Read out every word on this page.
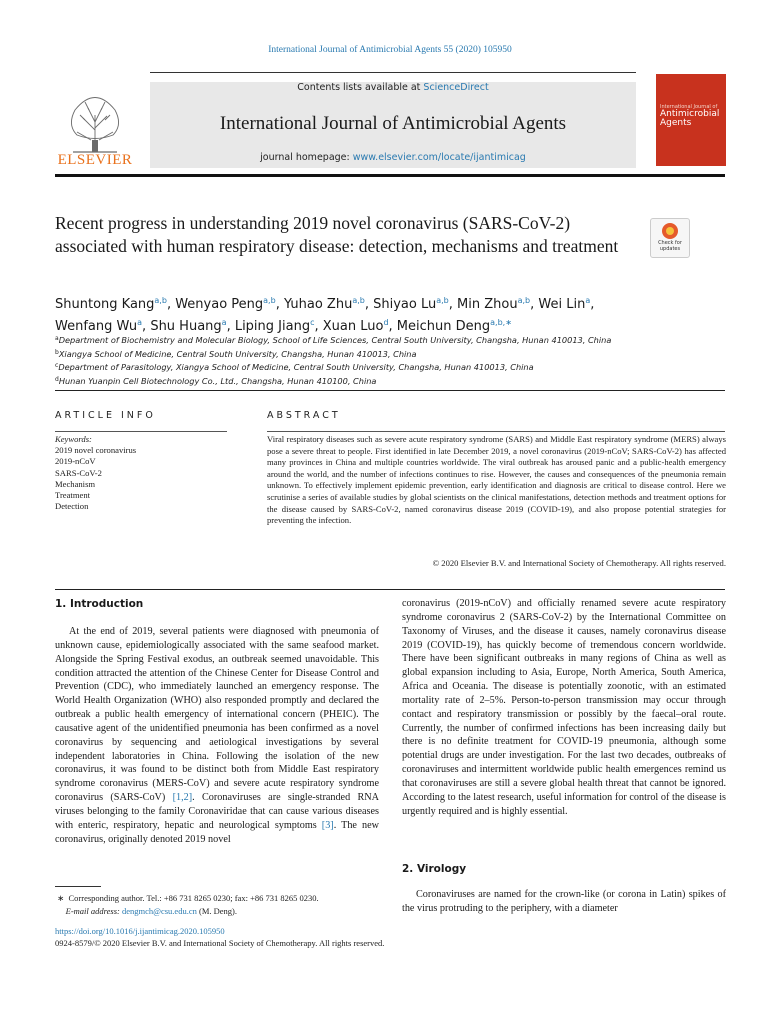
International Journal of Antimicrobial Agents 55 (2020) 105950
ELSEVIER
Contents lists available at ScienceDirect
International Journal of Antimicrobial Agents
journal homepage: www.elsevier.com/locate/ijantimicag
International Journal of
Antimicrobial Agents
Recent progress in understanding 2019 novel coronavirus (SARS-CoV-2) associated with human respiratory disease: detection, mechanisms and treatment	Check for updates
Shuntong Kang$^{a,b}$, Wenyao Peng$^{a,b}$, Yuhao Zhu$^{a,b}$, Shiyao Lu$^{a,b}$, Min Zhou$^{a,b}$, Wei Lin$^a$,
Wenfang Wu$^a$, Shu Huang$^a$, Liping Jiang$^c$, Xuan Luo$^d$, Meichun Deng$^{a,b,∗}$
$^a$Department of Biochemistry and Molecular Biology, School of Life Sciences, Central South University, Changsha, Hunan 410013, China
$^b$Xiangya School of Medicine, Central South University, Changsha, Hunan 410013, China
$^c$Department of Parasitology, Xiangya School of Medicine, Central South University, Changsha, Hunan 410013, China
$^d$Hunan Yuanpin Cell Biotechnology Co., Ltd., Changsha, Hunan 410100, China
ARTICLE INFO	ABSTRACT
Keywords:
2019 novel coronavirus
2019-nCoV
SARS-CoV-2
Mechanism
Treatment
Detection
Viral respiratory diseases such as severe acute respiratory syndrome (SARS) and Middle East respiratory syndrome (MERS) always pose a severe threat to people. First identified in late December 2019, a novel coronavirus (2019-nCoV; SARS-CoV-2) has affected many provinces in China and multiple countries worldwide. The viral outbreak has aroused panic and a public-health emergency around the world, and the number of infections continues to rise. However, the causes and consequences of the pneumonia remain unknown. To effectively implement epidemic prevention, early identification and diagnosis are critical to disease control. Here we scrutinise a series of available studies by global scientists on the clinical manifestations, detection methods and treatment options for the disease caused by SARS-CoV-2, named coronavirus disease 2019 (COVID-19), and also propose potential strategies for preventing the infection.
© 2020 Elsevier B.V. and International Society of Chemotherapy. All rights reserved.
1. Introduction
At the end of 2019, several patients were diagnosed with pneumonia of unknown cause, epidemiologically associated with the same seafood market. Alongside the Spring Festival exodus, an outbreak seemed unavoidable. This condition attracted the attention of the Chinese Center for Disease Control and Prevention (CDC), who immediately launched an emergency response. The World Health Organization (WHO) also responded promptly and declared the outbreak a public health emergency of international concern (PHEIC). The causative agent of the unidentified pneumonia has been confirmed as a novel coronavirus by sequencing and aetiological investigations by several independent laboratories in China. Following the isolation of the new coronavirus, it was found to be distinct both from Middle East respiratory syndrome coronavirus (MERS-CoV) and severe acute respiratory syndrome coronavirus (SARS-CoV) [1,2]. Coronaviruses are single-stranded RNA viruses belonging to the family Coronaviridae that can cause various diseases with enteric, respiratory, hepatic and neurological symptoms [3]. The new coronavirus, originally denoted 2019 novel
coronavirus (2019-nCoV) and officially renamed severe acute respiratory syndrome coronavirus 2 (SARS-CoV-2) by the International Committee on Taxonomy of Viruses, and the disease it causes, namely coronavirus disease 2019 (COVID-19), has quickly become of tremendous concern worldwide. There have been significant outbreaks in many regions of China as well as global expansion including to Asia, Europe, North America, South America, Africa and Oceania. The disease is potentially zoonotic, with an estimated mortality rate of 2–5%. Person-to-person transmission may occur through contact and respiratory transmission or possibly by the faecal–oral route. Currently, the number of confirmed infections has been increasing daily but there is no definite treatment for COVID-19 pneumonia, although some potential drugs are under investigation. For the last two decades, outbreaks of coronaviruses and intermittent worldwide public health emergences remind us that coronaviruses are still a severe global health threat that cannot be ignored. According to the latest research, useful information for control of the disease is urgently required and is highly essential.
2. Virology
Coronaviruses are named for the crown-like (or corona in Latin) spikes of the virus protruding to the periphery, with a diameter
∗ Corresponding author. Tel.: +86 731 8265 0230; fax: +86 731 8265 0230.
E-mail address: dengmch@csu.edu.cn (M. Deng).
https://doi.org/10.1016/j.ijantimicag.2020.105950
0924-8579/© 2020 Elsevier B.V. and International Society of Chemotherapy. All rights reserved.
